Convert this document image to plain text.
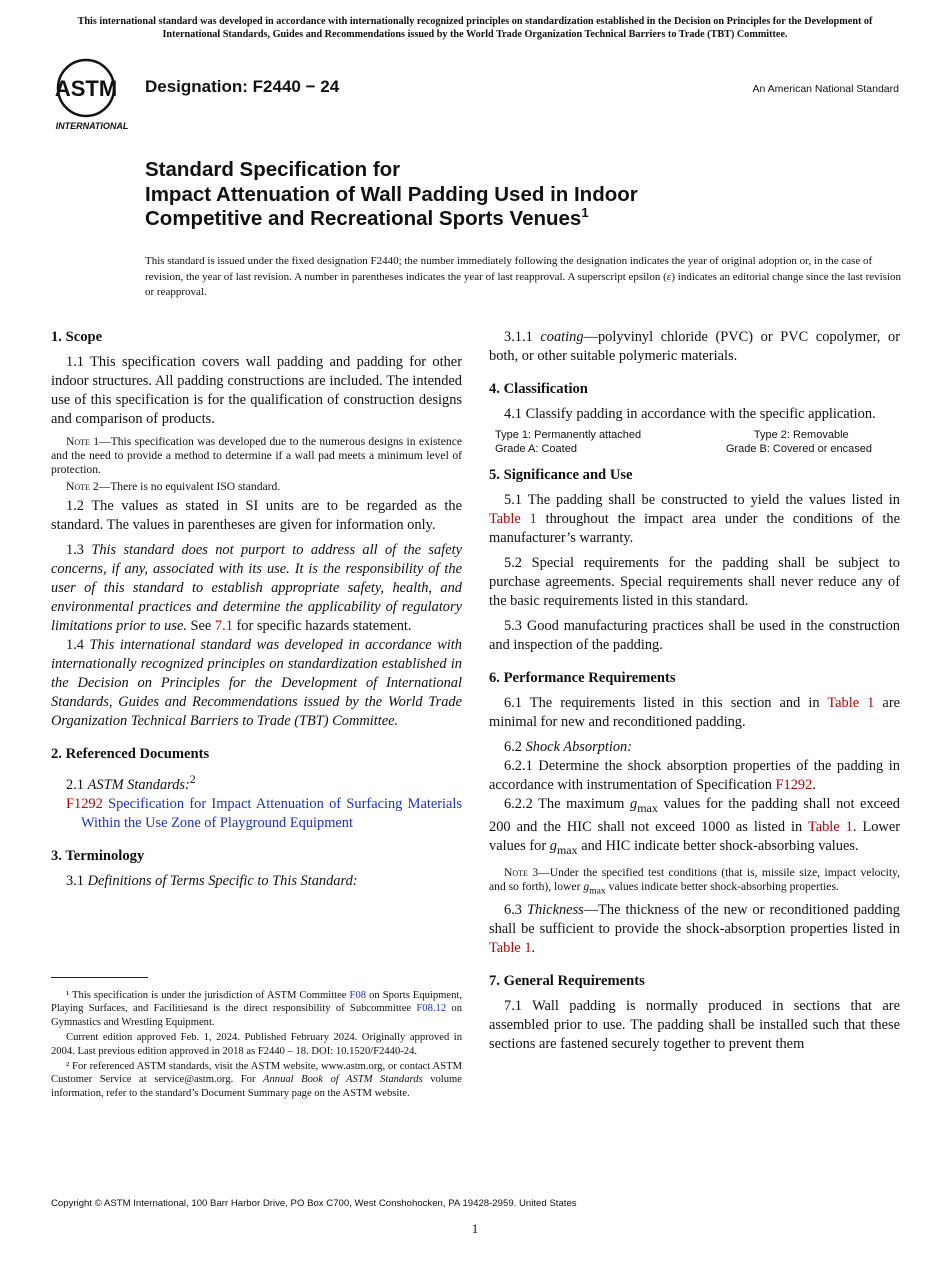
This international standard was developed in accordance with internationally recognized principles on standardization established in the Decision on Principles for the Development of International Standards, Guides and Recommendations issued by the World Trade Organization Technical Barriers to Trade (TBT) Committee.
ASTM
INTERNATIONAL
Designation: F2440 − 24	An American National Standard
Standard Specification for
Impact Attenuation of Wall Padding Used in Indoor
Competitive and Recreational Sports Venues$^1$
This standard is issued under the fixed designation F2440; the number immediately following the designation indicates the year of original adoption or, in the case of revision, the year of last revision. A number in parentheses indicates the year of last reapproval. A superscript epsilon (ε) indicates an editorial change since the last revision or reapproval.
1. Scope
1.1 This specification covers wall padding and padding for other indoor structures. All padding constructions are included. The intended use of this specification is for the qualification of construction designs and comparison of products.
Note 1—This specification was developed due to the numerous designs in existence and the need to provide a method to determine if a wall pad meets a minimum level of protection.
Note 2—There is no equivalent ISO standard.
1.2 The values as stated in SI units are to be regarded as the standard. The values in parentheses are given for information only.
1.3 This standard does not purport to address all of the safety concerns, if any, associated with its use. It is the responsibility of the user of this standard to establish appropriate safety, health, and environmental practices and determine the applicability of regulatory limitations prior to use. See 7.1 for specific hazards statement.
1.4 This international standard was developed in accordance with internationally recognized principles on standardization established in the Decision on Principles for the Development of International Standards, Guides and Recommendations issued by the World Trade Organization Technical Barriers to Trade (TBT) Committee.
2. Referenced Documents
2.1 ASTM Standards:$^2$
F1292 Specification for Impact Attenuation of Surfacing Materials Within the Use Zone of Playground Equipment
3. Terminology
3.1 Definitions of Terms Specific to This Standard:

¹ This specification is under the jurisdiction of ASTM Committee F08 on Sports Equipment, Playing Surfaces, and Facilitiesand is the direct responsibility of Subcommittee F08.12 on Gymnastics and Wrestling Equipment.

Current edition approved Feb. 1, 2024. Published February 2024. Originally approved in 2004. Last previous edition approved in 2018 as F2440 – 18. DOI: 10.1520/F2440-24.

² For referenced ASTM standards, visit the ASTM website, www.astm.org, or contact ASTM Customer Service at service@astm.org. For Annual Book of ASTM Standards volume information, refer to the standard’s Document Summary page on the ASTM website.

3.1.1 coating—polyvinyl chloride (PVC) or PVC copolymer, or both, or other suitable polymeric materials.
4. Classification
4.1 Classify padding in accordance with the specific application.
Type 1: Permanently attached
Grade A: Coated
Type 2: Removable
Grade B: Covered or encased
5. Significance and Use
5.1 The padding shall be constructed to yield the values listed in Table 1 throughout the impact area under the conditions of the manufacturer’s warranty.
5.2 Special requirements for the padding shall be subject to purchase agreements. Special requirements shall never reduce any of the basic requirements listed in this standard.
5.3 Good manufacturing practices shall be used in the construction and inspection of the padding.
6. Performance Requirements
6.1 The requirements listed in this section and in Table 1 are minimal for new and reconditioned padding.
6.2 Shock Absorption:
6.2.1 Determine the shock absorption properties of the padding in accordance with instrumentation of Specification F1292.
6.2.2 The maximum $g_{max}$ values for the padding shall not exceed 200 and the HIC shall not exceed 1000 as listed in Table 1. Lower values for $g_{max}$ and HIC indicate better shock-absorbing values.
Note 3—Under the specified test conditions (that is, missile size, impact velocity, and so forth), lower $g_{max}$ values indicate better shock-absorbing properties.
6.3 Thickness—The thickness of the new or reconditioned padding shall be sufficient to provide the shock-absorption properties listed in Table 1.
7. General Requirements
7.1 Wall padding is normally produced in sections that are assembled prior to use. The padding shall be installed such that these sections are fastened securely together to prevent them
Copyright © ASTM International, 100 Barr Harbor Drive, PO Box C700, West Conshohocken, PA 19428-2959. United States
1
